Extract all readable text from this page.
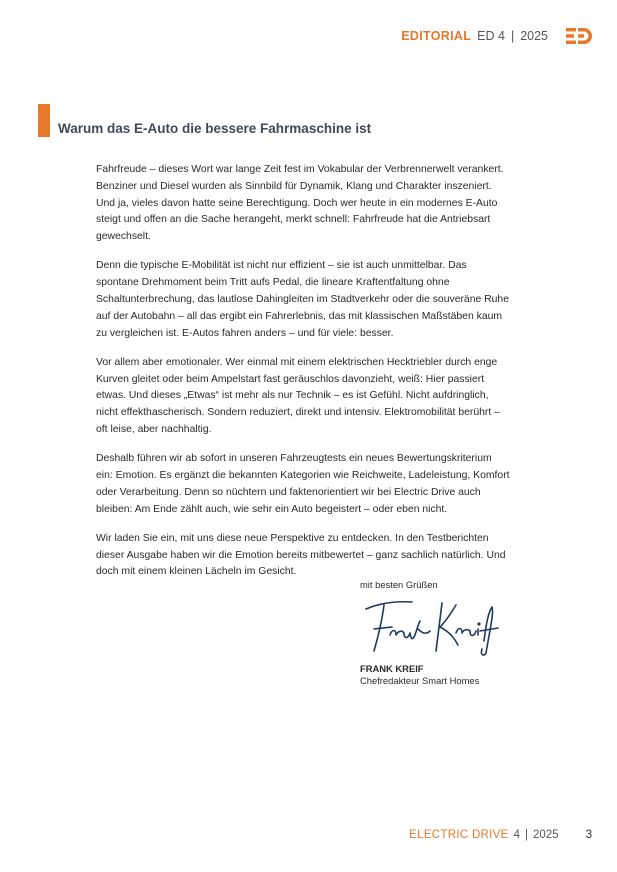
EDITORIAL ED 4 | 2025
Warum das E-Auto die bessere Fahrmaschine ist

Fahrfreude – dieses Wort war lange Zeit fest im Vokabular der Verbrennerwelt verankert. Benziner und Diesel wurden als Sinnbild für Dynamik, Klang und Charakter inszeniert. Und ja, vieles davon hatte seine Berechtigung. Doch wer heute in ein modernes E-Auto steigt und offen an die Sache herangeht, merkt schnell: Fahrfreude hat die Antriebsart gewechselt.

Denn die typische E-Mobilität ist nicht nur effizient – sie ist auch unmittelbar. Das spontane Drehmoment beim Tritt aufs Pedal, die lineare Kraftentfaltung ohne Schaltunterbrechung, das lautlose Dahingleiten im Stadtverkehr oder die souveräne Ruhe auf der Autobahn – all das ergibt ein Fahrerlebnis, das mit klassischen Maßstäben kaum zu vergleichen ist. E-Autos fahren anders – und für viele: besser.

Vor allem aber emotionaler. Wer einmal mit einem elektrischen Hecktriebler durch enge Kurven gleitet oder beim Ampelstart fast geräuschlos davonzieht, weiß: Hier passiert etwas. Und dieses „Etwas“ ist mehr als nur Technik – es ist Gefühl. Nicht aufdringlich, nicht effekthascherisch. Sondern reduziert, direkt und intensiv. Elektromobilität berührt – oft leise, aber nachhaltig.

Deshalb führen wir ab sofort in unseren Fahrzeugtests ein neues Bewertungskriterium ein: Emotion. Es ergänzt die bekannten Kategorien wie Reichweite, Ladeleistung, Komfort oder Verarbeitung. Denn so nüchtern und faktenorientiert wir bei Electric Drive auch bleiben: Am Ende zählt auch, wie sehr ein Auto begeistert – oder eben nicht.

Wir laden Sie ein, mit uns diese neue Perspektive zu entdecken. In den Testberichten dieser Ausgabe haben wir die Emotion bereits mitbewertet – ganz sachlich natürlich. Und doch mit einem kleinen Lächeln im Gesicht.

mit besten Grüßen

FRANK KREIF
Chefredakteur Smart Homes
ELECTRIC DRIVE 4 | 2025 3
